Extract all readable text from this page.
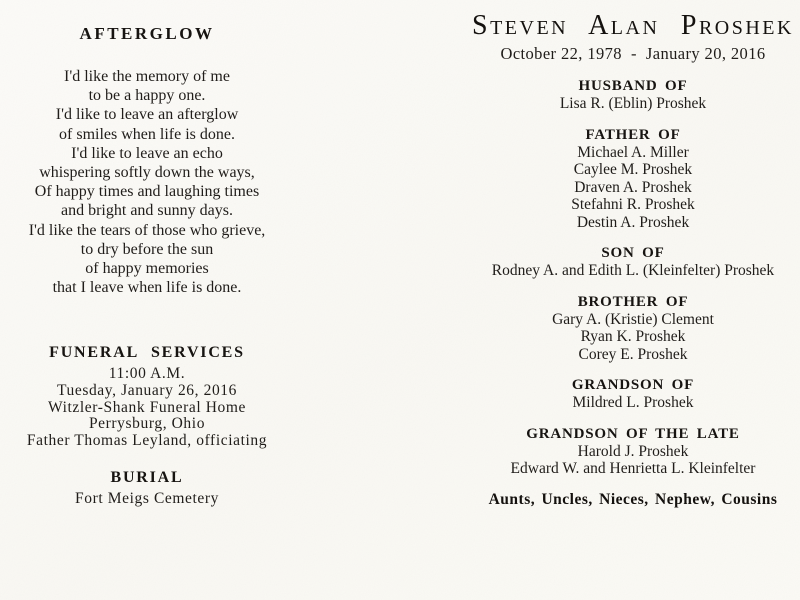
AFTERGLOW
I'd like the memory of me
to be a happy one.
I'd like to leave an afterglow
of smiles when life is done.
I'd like to leave an echo
whispering softly down the ways,
Of happy times and laughing times
and bright and sunny days.
I'd like the tears of those who grieve,
to dry before the sun
of happy memories
that I leave when life is done.
FUNERAL SERVICES
11:00 A.M.
Tuesday, January 26, 2016
Witzler-Shank Funeral Home
Perrysburg, Ohio
Father Thomas Leyland, officiating
BURIAL
Fort Meigs Cemetery
Steven Alan Proshek
October 22, 1978  -  January 20, 2016
HUSBAND OF
Lisa R. (Eblin) Proshek
FATHER OF
Michael A. Miller
Caylee M. Proshek
Draven A. Proshek
Stefahni R. Proshek
Destin A. Proshek
SON OF
Rodney A. and Edith L. (Kleinfelter) Proshek
BROTHER OF
Gary A. (Kristie) Clement
Ryan K. Proshek
Corey E. Proshek
GRANDSON OF
Mildred L. Proshek
GRANDSON OF THE LATE
Harold J. Proshek
Edward W. and Henrietta L. Kleinfelter
Aunts, Uncles, Nieces, Nephew, Cousins
